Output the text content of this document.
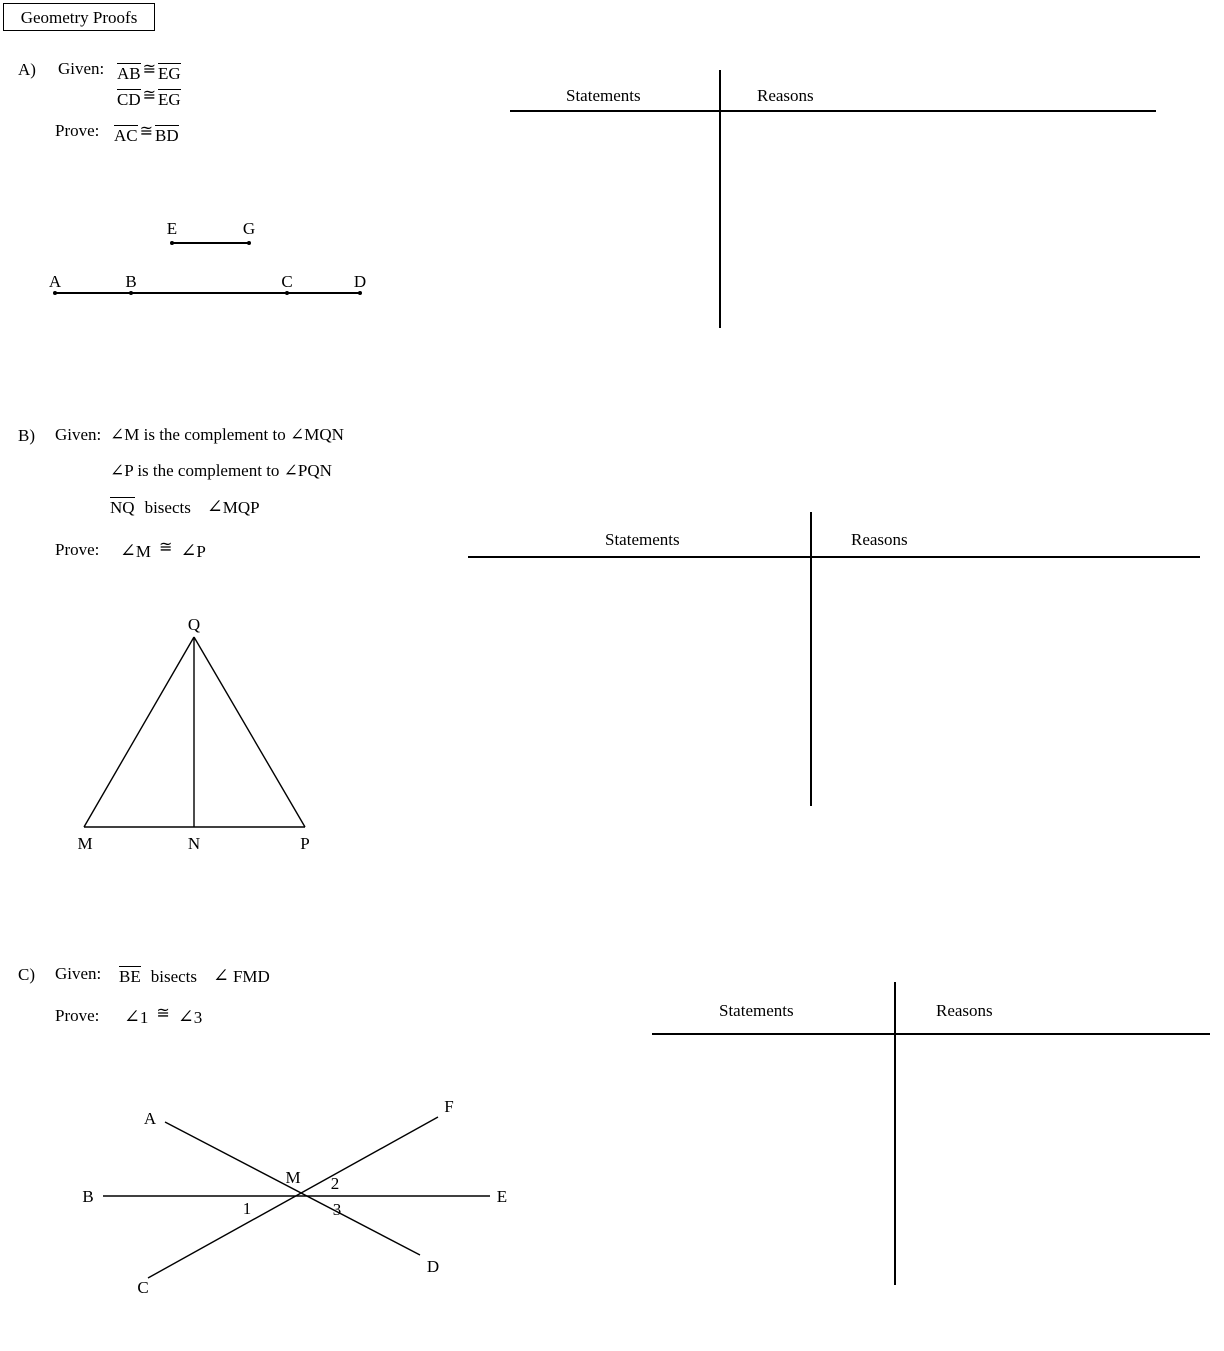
Geometry Proofs
A) Given: AB ≅ EG
CD ≅ EG
Prove: AC ≅ BD
E	G
A	B	C	D
Statements	Reasons
B) Given: ∠M is the complement to ∠MQN
∠P is the complement to ∠PQN
NQ bisects ∠ MQP
Prove: ∠ M ≅ ∠ P
Q
M	N	P
Statements	Reasons
C) Given: BE bisects ∠ FMD
Prove: ∠ 1 ≅ ∠ 3
A
F
B
M
E
C
D
1
2
3
Statements	Reasons
